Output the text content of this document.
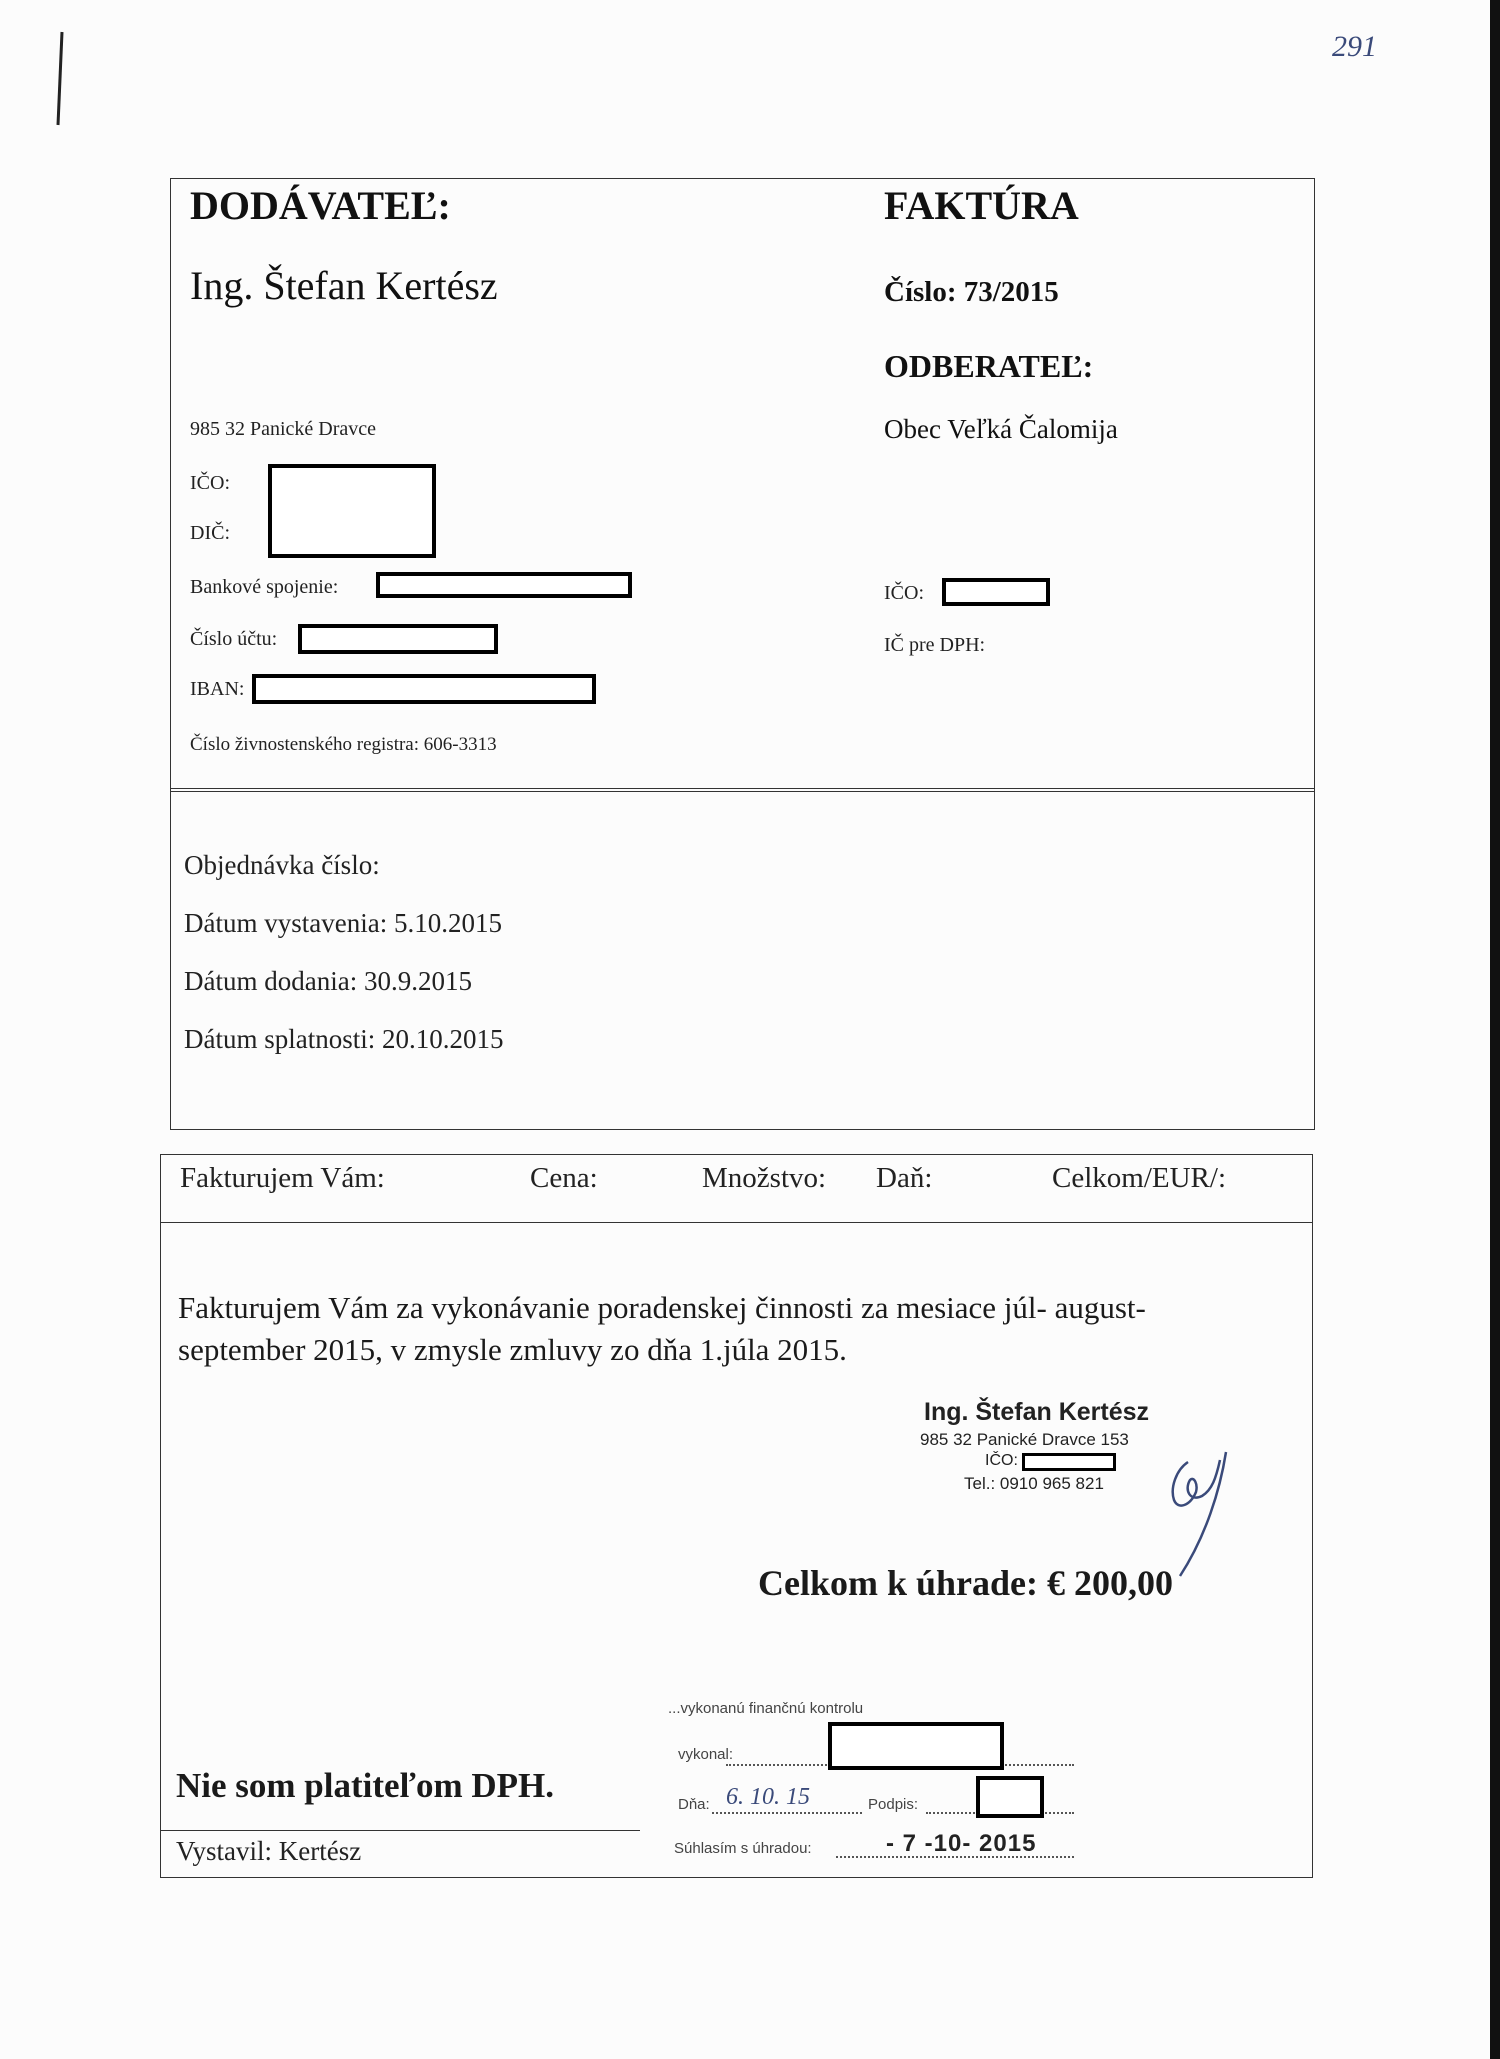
291
DODÁVATEĽ:
Ing. Štefan Kertész
985 32 Panické Dravce
IČO:
DIČ:
Bankové spojenie:
Číslo účtu:
IBAN:
Číslo živnostenského registra: 606-3313
FAKTÚRA
Číslo: 73/2015
ODBERATEĽ:
Obec Veľká Čalomija
IČO:
IČ pre DPH:
Objednávka číslo:
Dátum vystavenia: 5.10.2015
Dátum dodania: 30.9.2015
Dátum splatnosti: 20.10.2015
Fakturujem Vám:	Cena:	Množstvo: Daň:	Celkom/EUR/:
Fakturujem Vám za vykonávanie poradenskej činnosti za mesiace júl- august-
september 2015, v zmysle zmluvy zo dňa 1.júla 2015.
Ing. Štefan Kertész
985 32 Panické Dravce 153
IČO:
Tel.: 0910 965 821
Celkom k úhrade: € 200,00
Nie som platiteľom DPH.
Vystavil: Kertész
...vykonanú finančnú kontrolu
vykonal:
Dňa: 6. 10. 15	Podpis:
Súhlasím s úhradou:	- 7 -10- 2015
